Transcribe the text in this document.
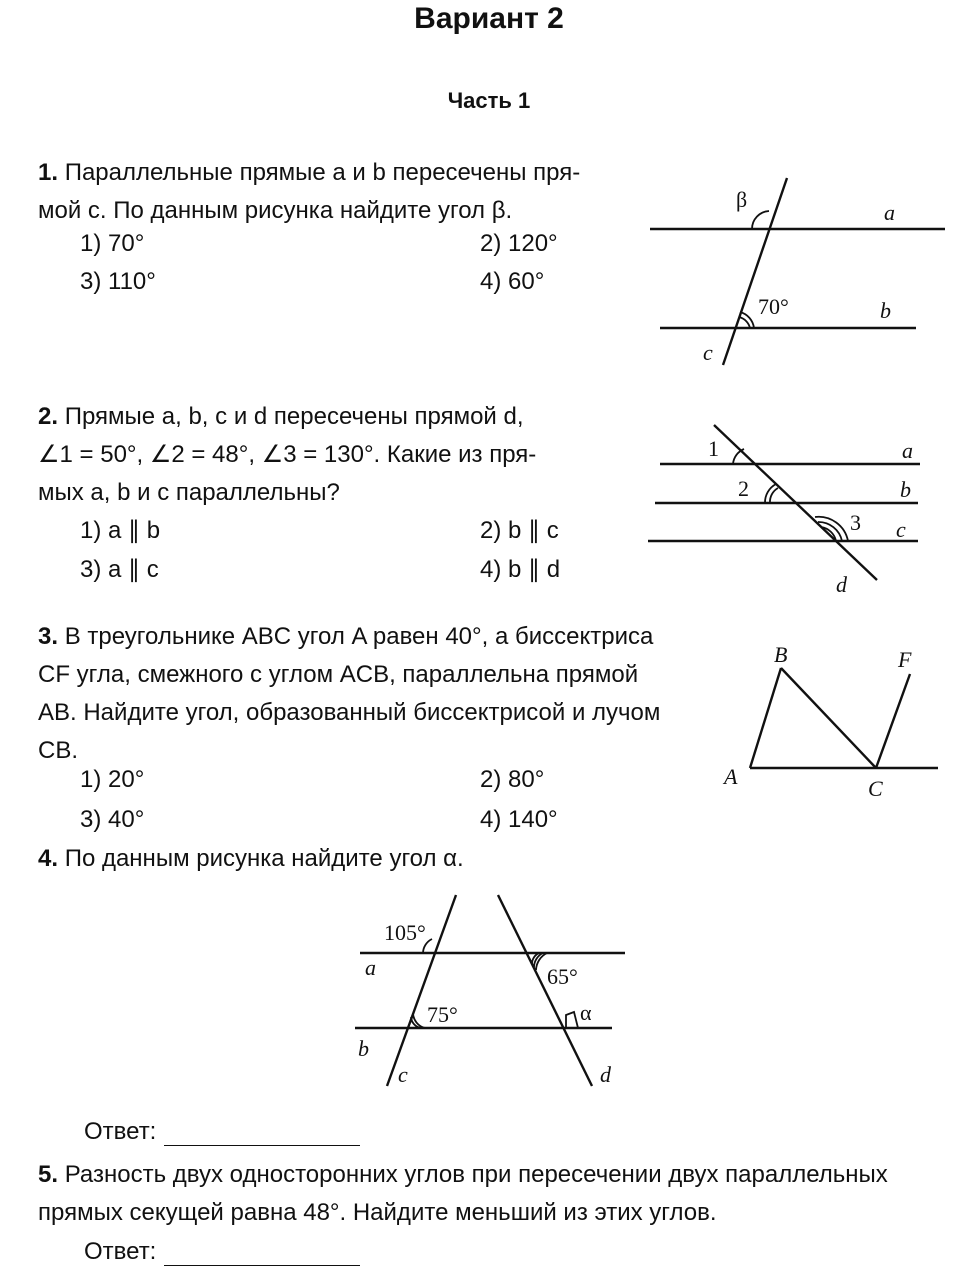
Вариант 2
Часть 1
1. Параллельные прямые a и b пересечены пря-
мой c. По данным рисунка найдите угол β.
1) 70°	2) 120°
3) 110°	4) 60°
2. Прямые a, b, c и d пересечены прямой d,
∠1 = 50°, ∠2 = 48°, ∠3 = 130°. Какие из пря-
мых a, b и c параллельны?
1) a ∥ b	2) b ∥ c
3) a ∥ c	4) b ∥ d
3. В треугольнике ABC угол A равен 40°, а биссектриса
CF угла, смежного с углом ACB, параллельна прямой
AB. Найдите угол, образованный биссектрисой и лучом
CB.
1) 20°	2) 80°
3) 40°	4) 140°
4. По данным рисунка найдите угол α.
Ответ:
5. Разность двух односторонних углов при пересечении двух параллельных
прямых секущей равна 48°. Найдите меньший из этих углов.
Ответ:
β
70°
a
b
c
1
2
3
a
b
c
d
A
B
C
F
105°
65°
75°	α
a
b
c	d
